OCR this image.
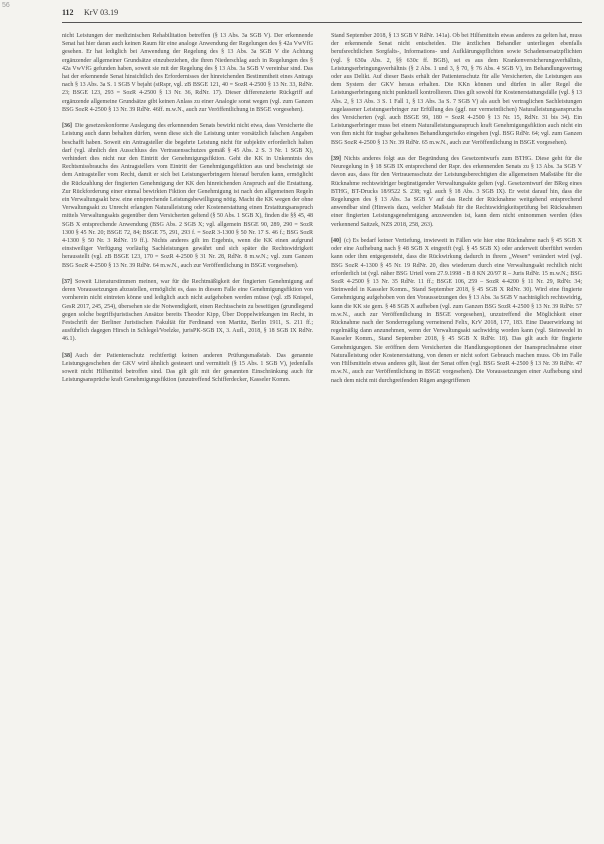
56
112 KrV 03.19
nicht Leistungen der medizinischen Rehabilitation betreffen (§ 13 Abs. 3a SGB V). Der erkennende Senat hat hier daran auch keinen Raum für eine analoge Anwendung der Regelungen des § 42a VwVfG gesehen. Er hat lediglich bei Anwendung der Regelung des § 13 Abs. 3a SGB V die Achtung ergänzender allgemeiner Grundsätze einzubeziehen, die ihren Niederschlag auch in Regelungen des § 42a VwVfG gefunden haben, soweit sie mit der Regelung des § 13 Abs. 3a SGB V vereinbar sind. Das hat der erkennende Senat hinsichtlich des Erfordernisses der hinreichenden Bestimmtheit eines Antrags nach § 13 Abs. 3a S. 1 SGB V bejaht (stRspr, vgl. zB BSGE 121, 40 = SozR 4-2500 § 13 Nr. 33, RdNr. 23; BSGE 123, 293 = SozR 4-2500 § 13 Nr. 36, RdNr. 17). Dieser differenzierte Rückgriff auf ergänzende allgemeine Grundsätze gibt keinen Anlass zu einer Analogie sonst wegen (vgl. zum Ganzen BSG SozR 4-2500 § 13 Nr. 39 RdNr. 46ff. m.w.N., auch zur Veröffentlichung in BSGE vorgesehen).
[36]  Die gesetzeskonforme Auslegung des erkennenden Senats bewirkt nicht etwa, dass Versicherte die Leistung auch dann behalten dürfen, wenn diese sich die Leistung unter vorsätzlich falschen Angaben beschafft haben. Soweit ein Antragsteller die begehrte Leistung nicht für subjektiv erforderlich halten darf (vgl. ähnlich den Ausschluss des Vertrauensschutzes gemäß § 45 Abs. 2 S. 3 Nr. 1 SGB X), verhindert dies nicht nur den Eintritt der Genehmigungsfiktion. Geht die KK in Unkenntnis des Rechtsmissbrauchs des Antragstellers vom Eintritt der Genehmigungsfiktion aus und bescheinigt sie dem Antragsteller vom Recht, damit er sich bei Leistungserbringern hierauf berufen kann, ermöglicht die Rückzahlung der fingierten Genehmigung der KK den hinreichenden Anspruch auf die Erstattung. Zur Rückforderung einer einmal bewirkten Fiktion der Genehmigung ist nach den allgemeinen Regeln ein Verwaltungsakt bzw. eine entsprechende Leistungsbewilligung nötig. Macht die KK wegen der ohne Verwaltungsakt zu Unrecht erlangten Naturalleistung oder Kostenerstattung einen Erstattungsanspruch mittels Verwaltungsakts gegenüber dem Versicherten geltend (§ 50 Abs. 1 SGB X), finden die §§ 45, 48 SGB X entsprechende Anwendung (BSG Abs. 2 SGB X; vgl. allgemein BSGE 90, 289, 290 = SozR 1300 § 45 Nr. 20; BSGE 72, 84; BSGE 75, 291, 293 f. = SozR 3-1300 § 50 Nr. 17 S. 46 f.; BSG SozR 4-1300 § 50 Nr. 3 RdNr. 19 ff.). Nichts anderes gilt im Ergebnis, wenn die KK einen aufgrund einstweiliger Verfügung vorläufig Sachleistungen gewährt und sich später die Rechtswidrigkeit herausstellt (vgl. zB BSGE 123, 170 = SozR 4-2500 § 31 Nr. 28, RdNr. 8 m.w.N.; vgl. zum Ganzen BSG SozR 4-2500 § 13 Nr. 39 RdNr. 64 m.w.N., auch zur Veröffentlichung in BSGE vorgesehen).
[37]  Soweit Literaturstimmen meinen, war für die Rechtmäßigkeit der fingierten Genehmigung auf deren Voraussetzungen abzustellen, ermöglicht es, dass in diesem Falle eine Genehmigungsfiktion von vornherein nicht eintreten könne und lediglich auch nicht aufgehoben werden müsse (vgl. zB Knispel, GesR 2017, 245, 254), übersehen sie die Notwendigkeit, einen Rechtsschein zu beseitigen (grundlegend gegen solche begriffsjuristischen Ansätze bereits Theodor Kipp, Über Doppelwirkungen im Recht, in Festschrift der Berliner Juristischen Fakultät für Ferdinand von Martitz, Berlin 1911, S. 211 ff.; ausführlich dagegen Hirsch in Schlegel/Voelzke, jurisPK-SGB IX, 3. Aufl., 2018, § 18 SGB IX RdNr. 46.1).
[38]  Auch der Patientenschutz rechtfertigt keinen anderen Prüfungsmaßstab. Das genannte Leistungsgeschehen der GKV wird ähnlich gesteuert und vermittelt (§ 15 Abs. 1 SGB V), jedenfalls soweit nicht Hilfsmittel betroffen sind. Das gilt gilt mit der genannten Einschränkung auch für Leistungsansprüche kraft Genehmigungsfiktion (unzutreffend Schifferdecker, Kasseler Komm.
Stand September 2018, § 13 SGB V RdNr. 141a). Ob bei Hilfsmitteln etwas anderes zu gelten hat, muss der erkennende Senat nicht entscheiden. Die ärztlichen Behandler unterliegen ebenfalls berufsrechtlichen Sorgfalts-, Informations- und Aufklärungspflichten sowie Schadensersatzpflichten (vgl. § 630a Abs. 2, §§ 630c ff. BGB), sei es aus dem Krankenversicherungsverhältnis, Leistungserbringungsverhältnis (§ 2 Abs. 1 und 3, § 70, § 76 Abs. 4 SGB V), im Behandlungsvertrag oder aus Delikt. Auf dieser Basis erhält der Patientenschutz für alle Versicherten, die Leistungen aus dem System der GKV heraus erhalten. Die KKn können und dürfen in aller Regel die Leistungserbringung nicht punktuell kontrollieren. Dies gilt sowohl für Kostenerstattungsfälle (vgl. § 13 Abs. 2, § 13 Abs. 3 S. 1 Fall 1, § 13 Abs. 3a S. 7 SGB V) als auch bei vertraglichen Sachleistungen zugelassener Leistungserbringer zur Erfüllung des (ggf. nur vermeintlichen) Naturalleistungsanspruchs des Versicherten (vgl. auch BSGE 99, 180 = SozR 4-2500 § 13 Nr. 15, RdNr. 31 bis 34). Ein Leistungserbringer muss bei einem Naturalleistungsanspruch kraft Genehmigungsfiktion auch nicht ein von ihm nicht für tragbar gehaltenes Behandlungsrisiko eingehen (vgl. BSG RdNr. 64; vgl. zum Ganzen BSG SozR 4-2500 § 13 Nr. 39 RdNr. 65 m.w.N., auch zur Veröffentlichung in BSGE vorgesehen).
[39]  Nichts anderes folgt aus der Begründung des Gesetzentwurfs zum BTHG. Diese geht für die Neuregelung in § 18 SGB IX entsprechend der Rspr. des erkennenden Senats zu § 13 Abs. 3a SGB V davon aus, dass für den Vertrauensschutz der Leistungsberechtigten die allgemeinen Maßstäbe für die Rücknahme rechtswidriger begünstigender Verwaltungsakte gelten (vgl. Gesetzentwurf der BReg eines BTHG, BT-Drucks 18/9522 S. 238; vgl. auch § 18 Abs. 3 SGB IX). Er weist darauf hin, dass die Regelungen des § 13 Abs. 3a SGB V auf das Recht der Rücknahme weitgehend entsprechend anwendbar sind (Hinweis dazu, welcher Maßstab für die Rechtswidrigkeitsprüfung bei Rücknahmen einer fingierten Leistungsgenehmigung anzuwenden ist, kann dem nicht entnommen werden (dies verkennend Saitzek, NZS 2018, 258, 263).
[40]  (c) Es bedarf keiner Vertiefung, inwieweit in Fällen wie hier eine Rücknahme nach § 45 SGB X oder eine Aufhebung nach § 48 SGB X eingreift (vgl. § 45 SGB X) oder anderweit überführt werden kann oder ihm entgegensteht, dass die Rückwirkung dadurch in ihrem „Wesen“ verändert wird (vgl. BSG SozR 4-1300 § 45 Nr. 19 RdNr. 20, dies wiederum durch eine Verwaltungsakt rechtlich nicht erforderlich ist (vgl. näher BSG Urteil vom 27.9.1998 - B 8 KN 20/97 R – Juris RdNr. 15 m.w.N.; BSG SozR 4-2500 § 13 Nr. 35 RdNr. 11 ff.; BSGE 106, 259 – SozR 4-4200 § 11 Nr. 29, RdNr. 34; Steinwedel in Kasseler Komm., Stand September 2018, § 45 SGB X RdNr. 30). Wird eine fingierte Genehmigung aufgehoben von den Voraussetzungen des § 13 Abs. 3a SGB V nachträglich rechtswidrig, kann die KK sie gem. § 48 SGB X aufheben (vgl. zum Ganzen BSG SozR 4-2500 § 13 Nr. 39 RdNr. 57 m.w.N., auch zur Veröffentlichung in BSGE vorgesehen), unzutreffend die Möglichkeit einer Rücknahme nach der Sonderregelung verneinend Felix, KrV 2018, 177, 183. Eine Dauerwirkung ist regelmäßig dann anzunehmen, wenn der Verwaltungsakt sachwidrig worden kann (vgl. Steinwedel in Kasseler Komm., Stand September 2018, § 45 SGB X RdNr. 18). Das gilt auch für fingierte Genehmigungen. Sie eröffnen dem Versicherten die Handlungsoptionen der Inanspruchnahme einer Naturalleistung oder Kostenerstattung, von denen er nicht sofort Gebrauch machen muss. Ob im Falle von Hilfsmitteln etwas anderes gilt, lässt der Senat offen (vgl. BSG SozR 4-2500 § 13 Nr. 39 RdNr. 47 m.w.N., auch zur Veröffentlichung in BSGE vorgesehen). Die Voraussetzungen einer Aufhebung sind nach dem nicht mit durchgreifenden Rügen angegriffenen
